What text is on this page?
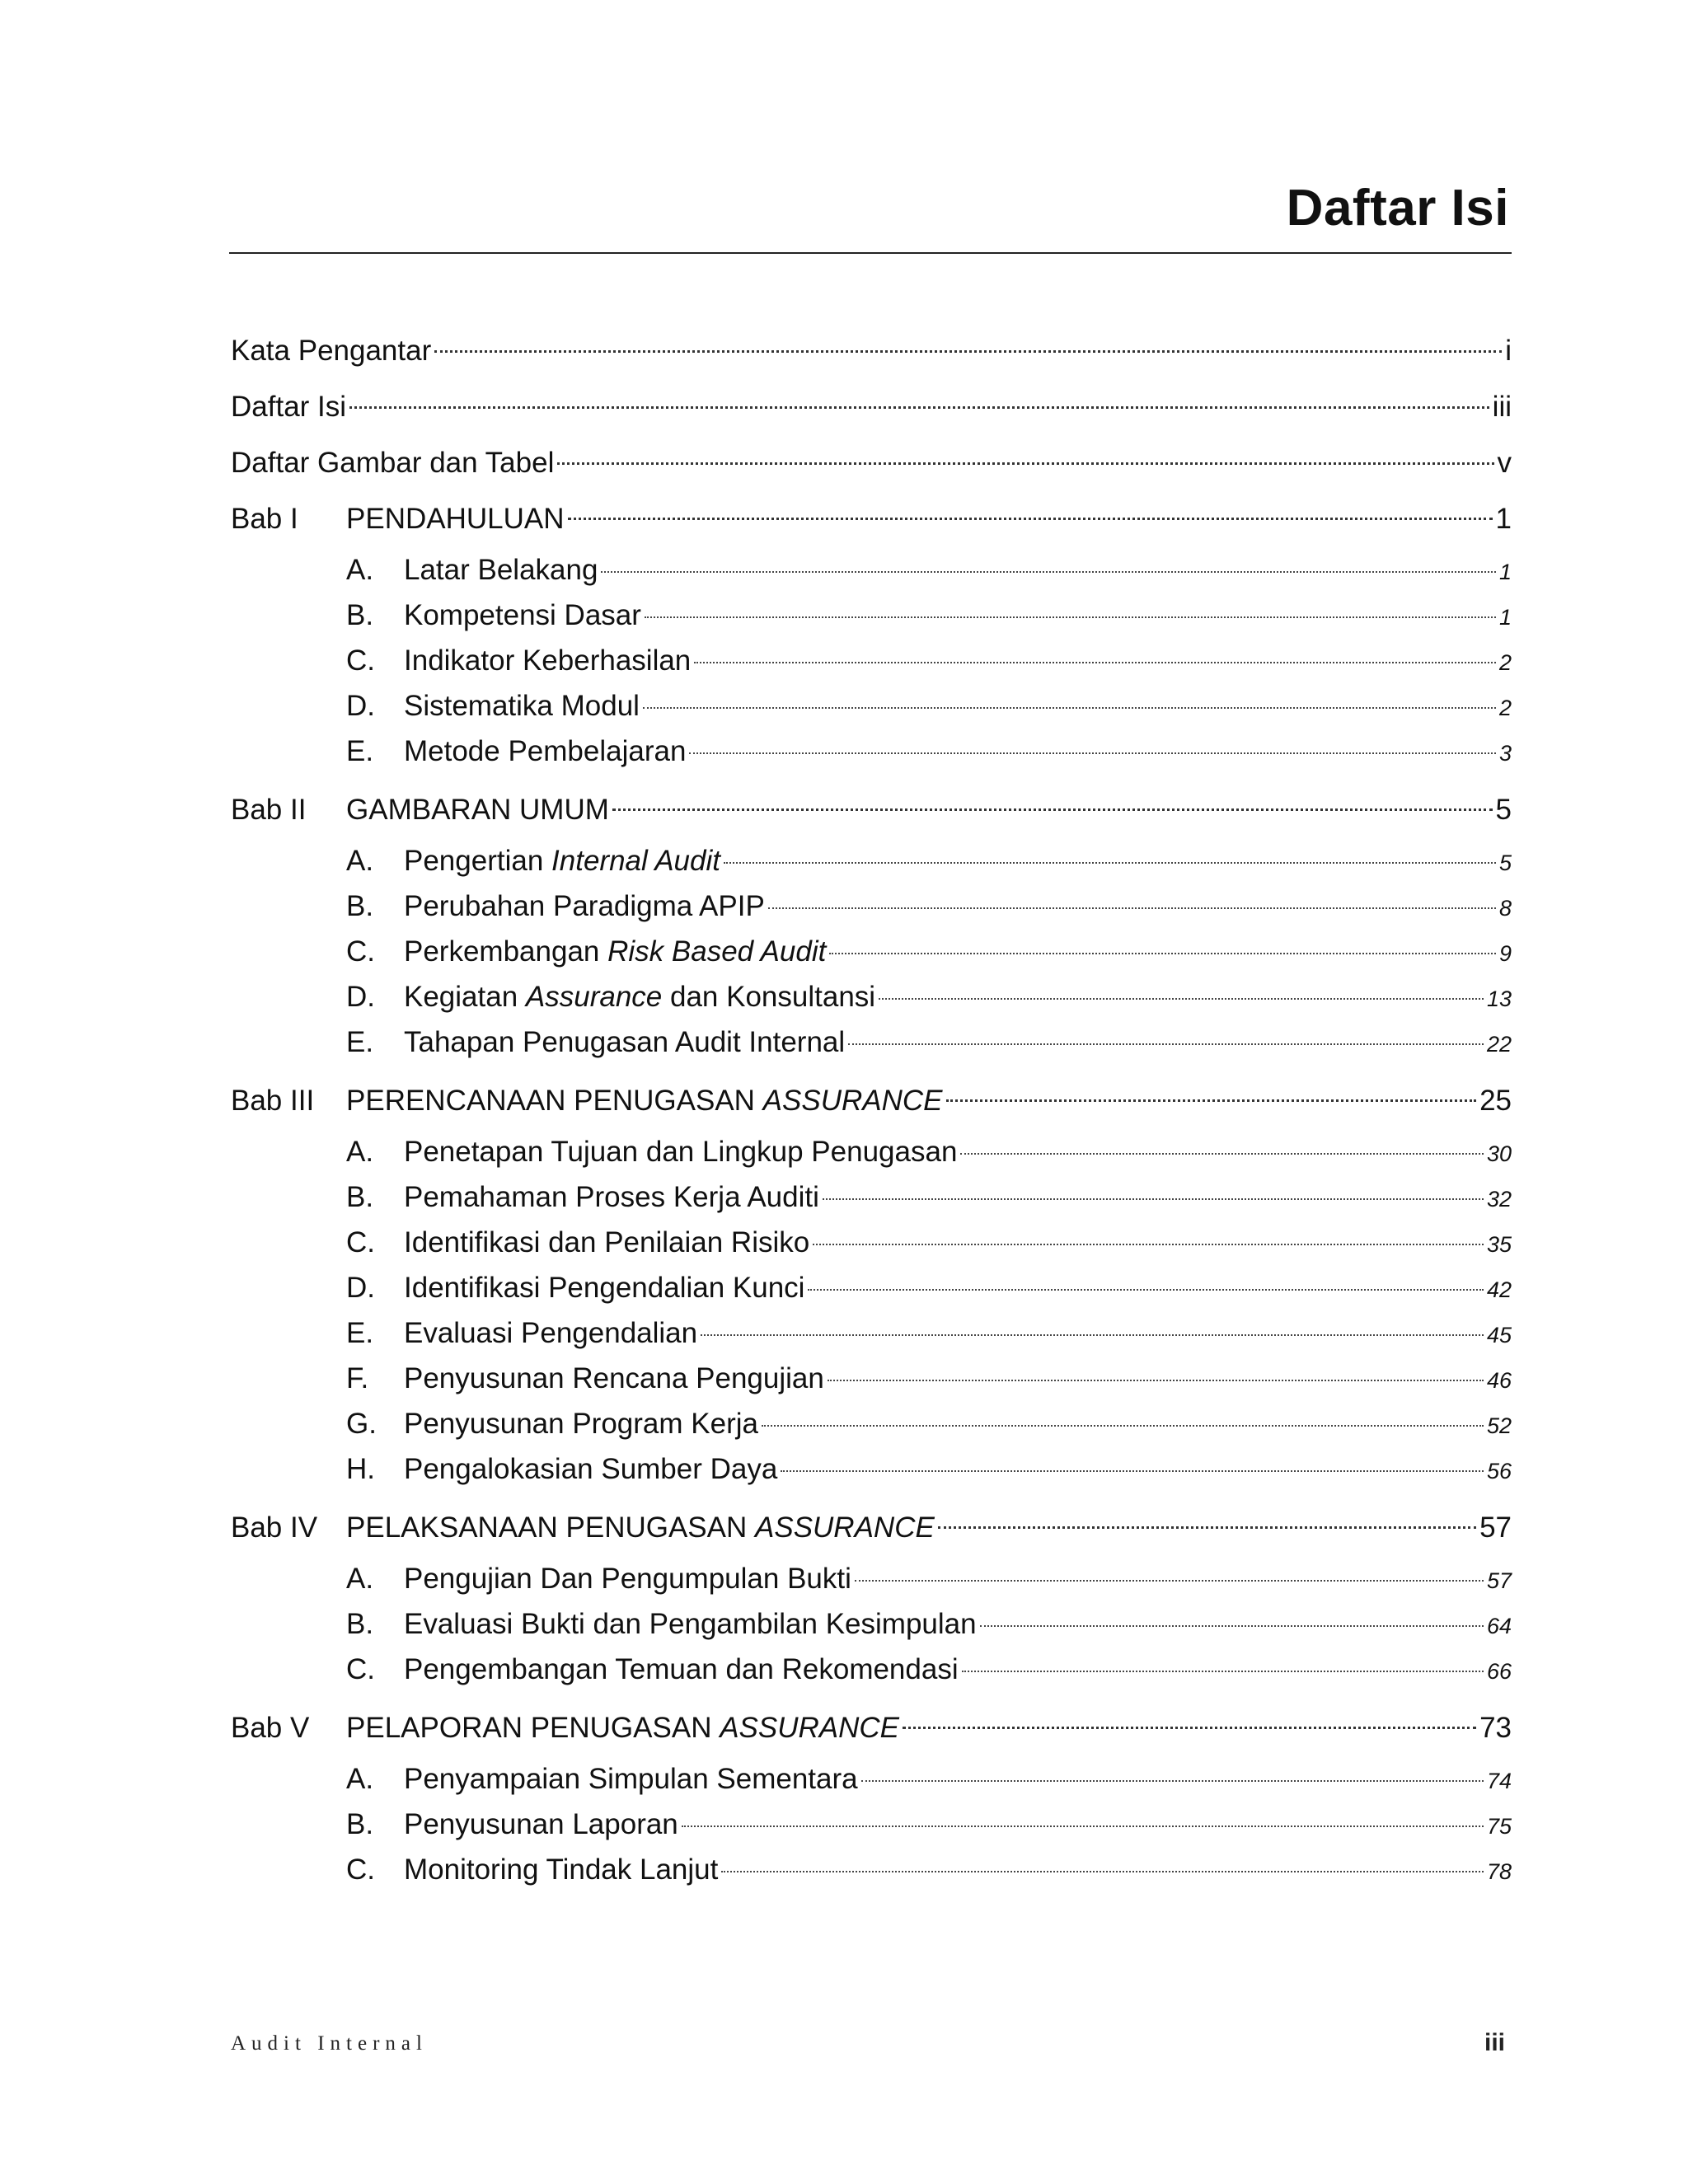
Daftar Isi
Kata Pengantar	i
Daftar Isi	iii
Daftar Gambar dan Tabel	v
Bab I	PENDAHULUAN	1
A.	Latar Belakang	1
B.	Kompetensi Dasar	1
C.	Indikator Keberhasilan	2
D.	Sistematika Modul	2
E.	Metode Pembelajaran	3
Bab II	GAMBARAN UMUM	5
A.	Pengertian Internal Audit	5
B.	Perubahan Paradigma APIP	8
C.	Perkembangan Risk Based Audit	9
D.	Kegiatan Assurance dan Konsultansi	13
E.	Tahapan Penugasan Audit Internal	22
Bab III	PERENCANAAN PENUGASAN ASSURANCE	25
A.	Penetapan Tujuan dan Lingkup Penugasan	30
B.	Pemahaman Proses Kerja Auditi	32
C.	Identifikasi dan Penilaian Risiko	35
D.	Identifikasi Pengendalian Kunci	42
E.	Evaluasi Pengendalian	45
F.	Penyusunan Rencana Pengujian	46
G. Penyusunan Program Kerja	52
H.	Pengalokasian Sumber Daya	56
Bab IV PELAKSANAAN PENUGASAN ASSURANCE	57
A.	Pengujian Dan Pengumpulan Bukti	57
B.	Evaluasi Bukti dan Pengambilan Kesimpulan	64
C.	Pengembangan Temuan dan Rekomendasi	66
Bab V	PELAPORAN PENUGASAN ASSURANCE	73
A.	Penyampaian Simpulan Sementara	74
B.	Penyusunan Laporan	75
C.	Monitoring Tindak Lanjut	78
Audit Internal	iii
